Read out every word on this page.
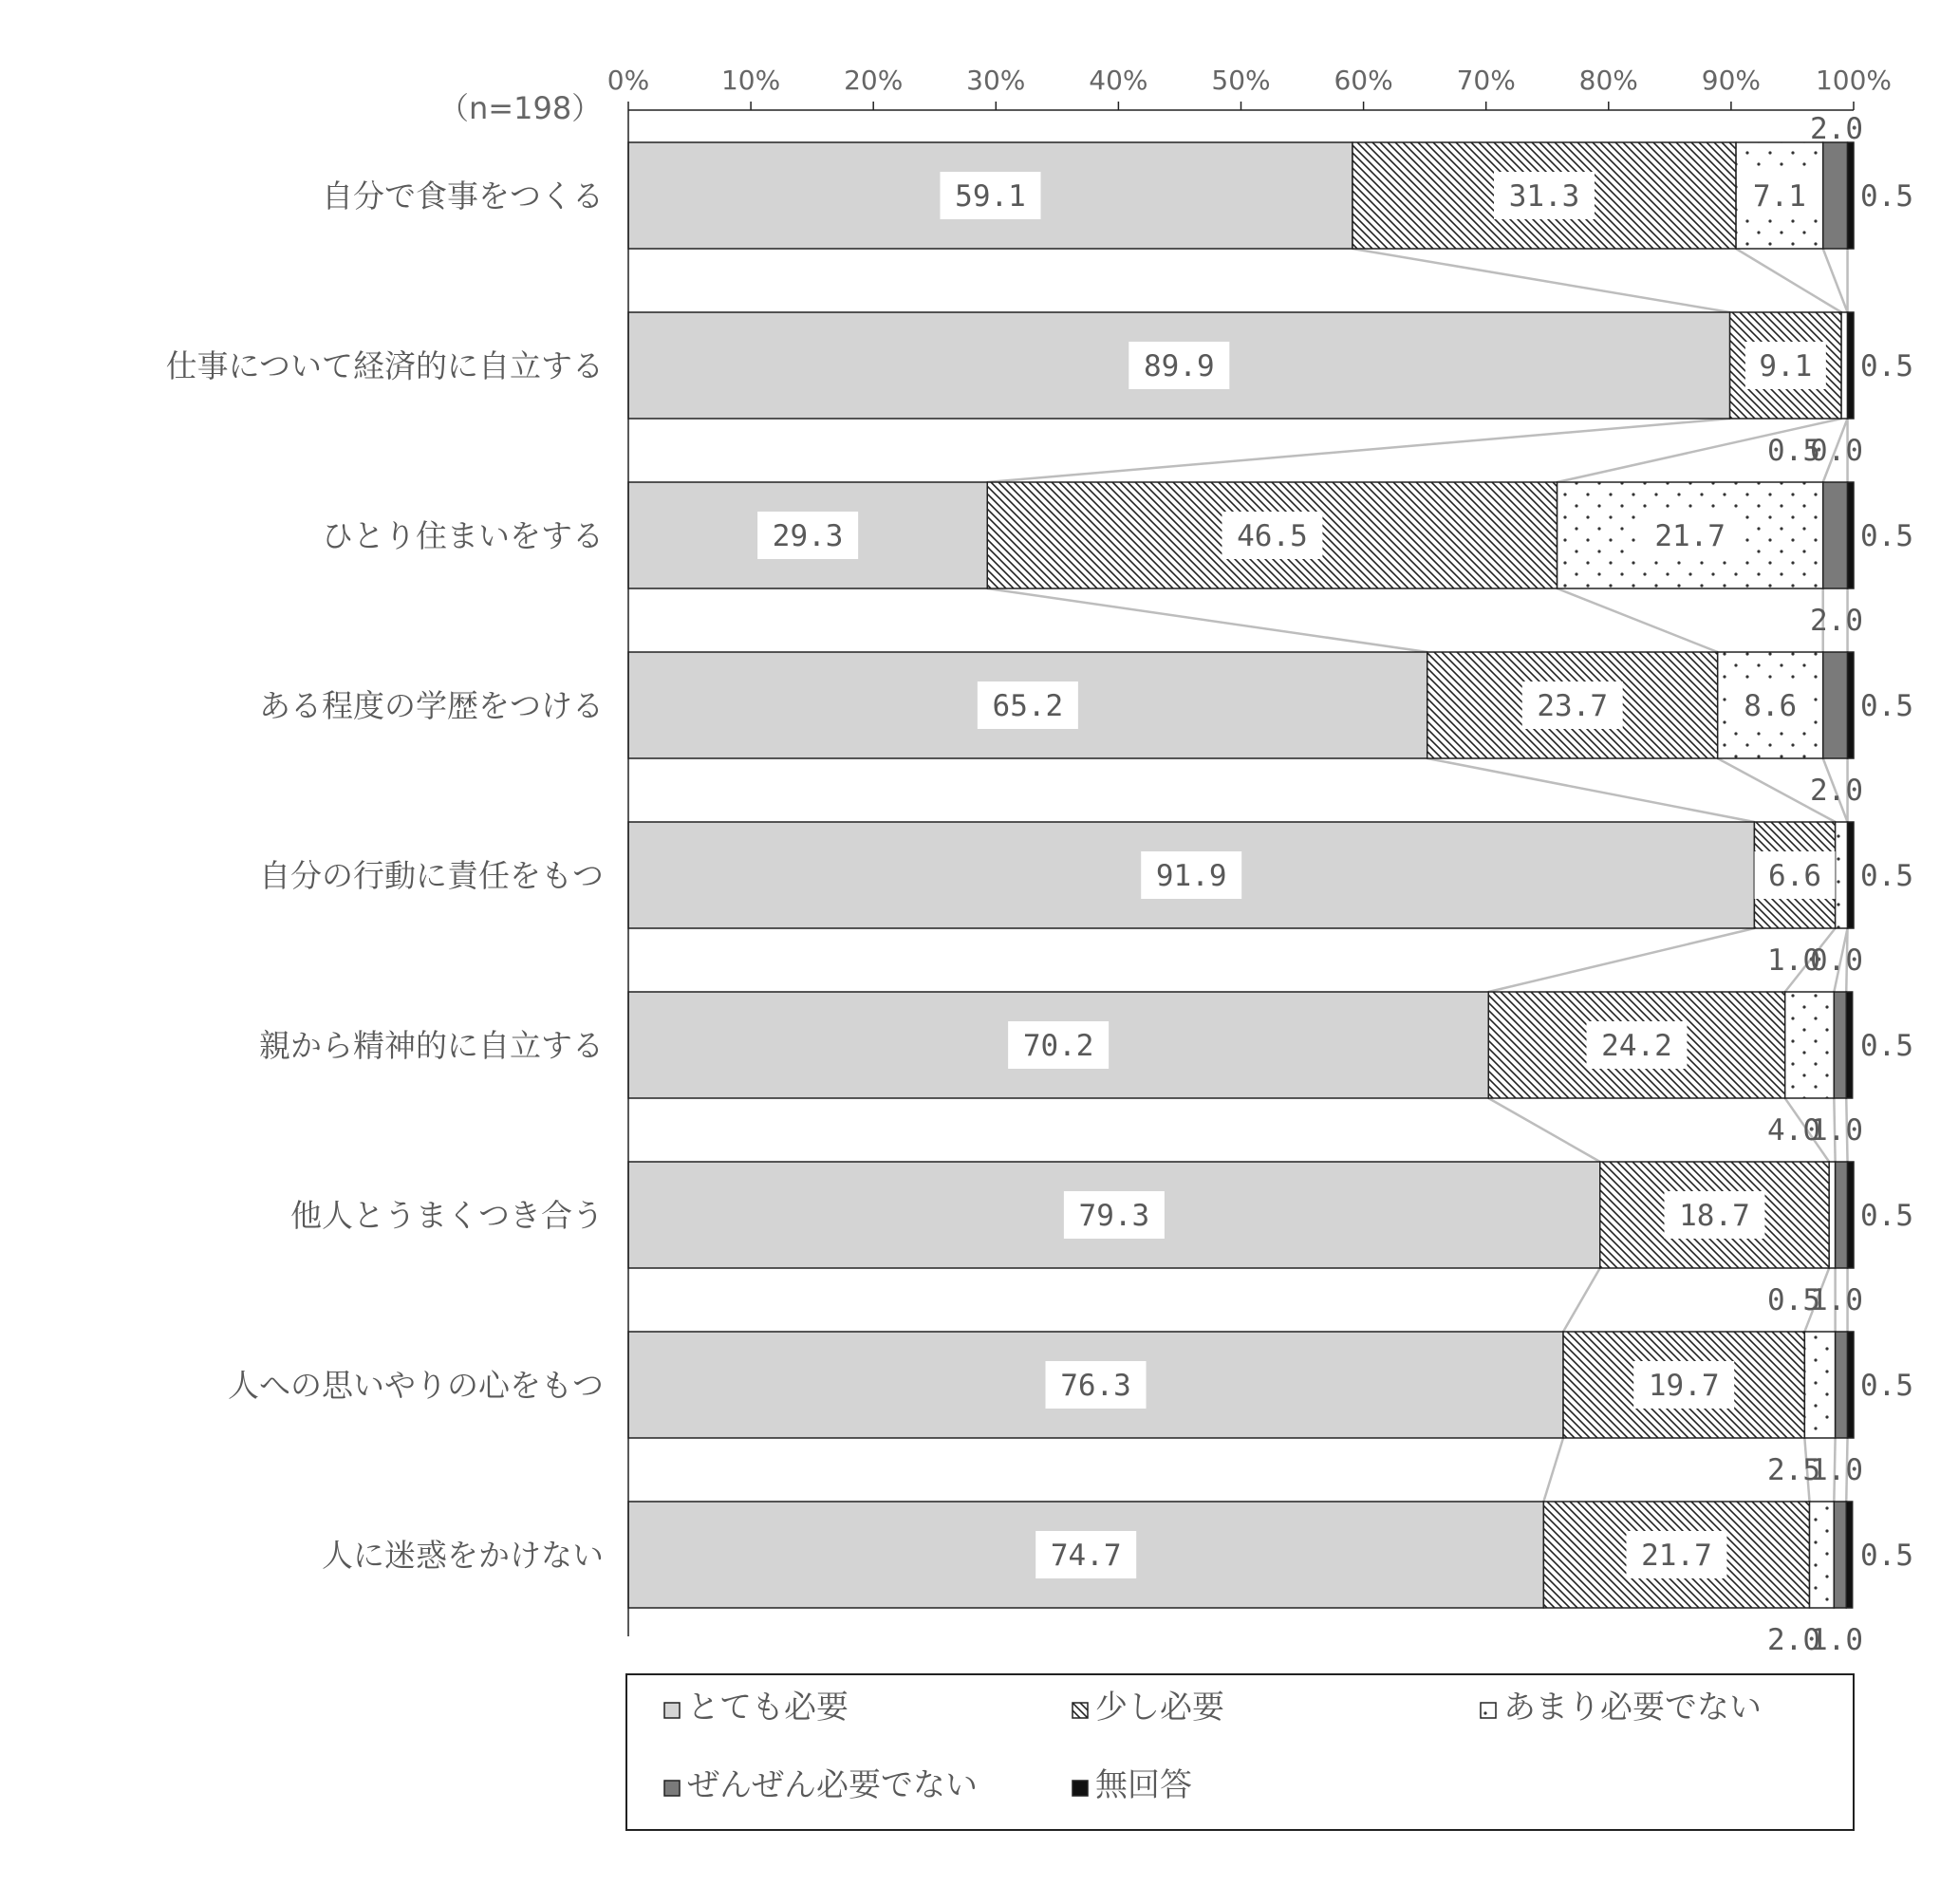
（n=198）
0%	10% 20% 30% 40% 50% 60% 70% 80% 90% 100%
自分で食事をつくる
仕事について経済的に自立する
ひとり住まいをする
ある程度の学歴をつける
自分の行動に責任をもつ
親から精神的に自立する
他人とうまくつき合う
人への思いやりの心をもつ
人に迷惑をかけない
59.1	31.3	7.1
89.9	9.1
29.3	46.5	21.7
65.2	23.7	8.6
91.9	6.6
70.2	24.2
79.3	18.7
76.3	19.7
74.7	21.7
0.5
2.0
0.5
0.5
0.0
0.5
2.0
0.5
2.0
0.5
1.0
0.0
0.5
4.0
1.0
0.5
0.5
1.0
0.5
2.5
1.0
0.5
2.0
1.0
とても必要	少し必要	あまり必要でない
ぜんぜん必要でない	無回答
